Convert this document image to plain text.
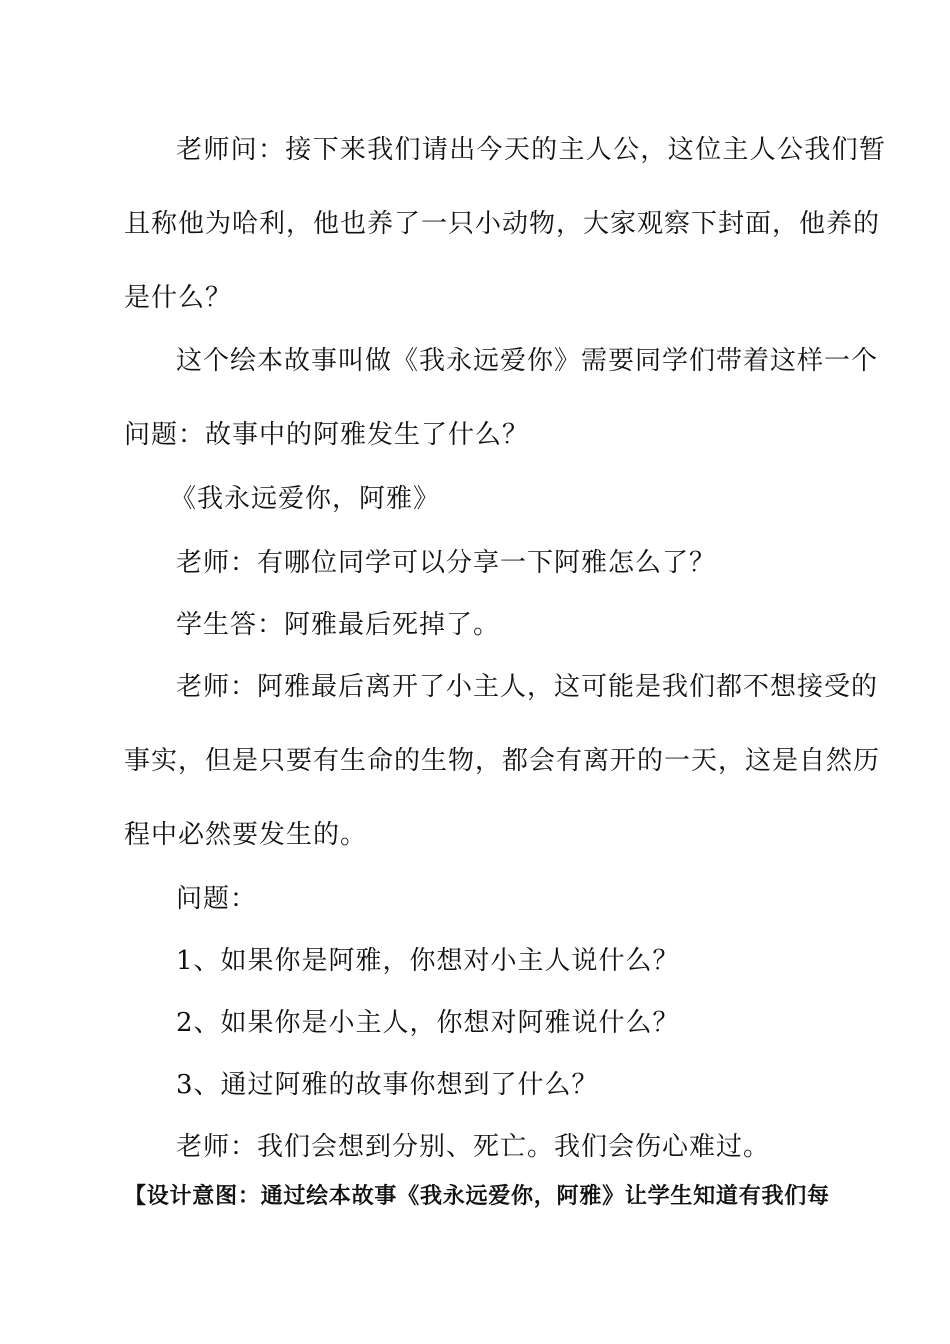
老师问：接下来我们请出今天的主人公，这位主人公我们暂
且称他为哈利，他也养了一只小动物，大家观察下封面，他养的
是什么？
这个绘本故事叫做《我永远爱你》需要同学们带着这样一个
问题：故事中的阿雅发生了什么？
《我永远爱你，阿雅》
老师：有哪位同学可以分享一下阿雅怎么了？
学生答：阿雅最后死掉了。
老师：阿雅最后离开了小主人，这可能是我们都不想接受的
事实，但是只要有生命的生物，都会有离开的一天，这是自然历
程中必然要发生的。
问题：
1、如果你是阿雅，你想对小主人说什么？
2、如果你是小主人，你想对阿雅说什么？
3、通过阿雅的故事你想到了什么？
老师：我们会想到分别、死亡。我们会伤心难过。
【设计意图：通过绘本故事《我永远爱你，阿雅》让学生知道有我们每
